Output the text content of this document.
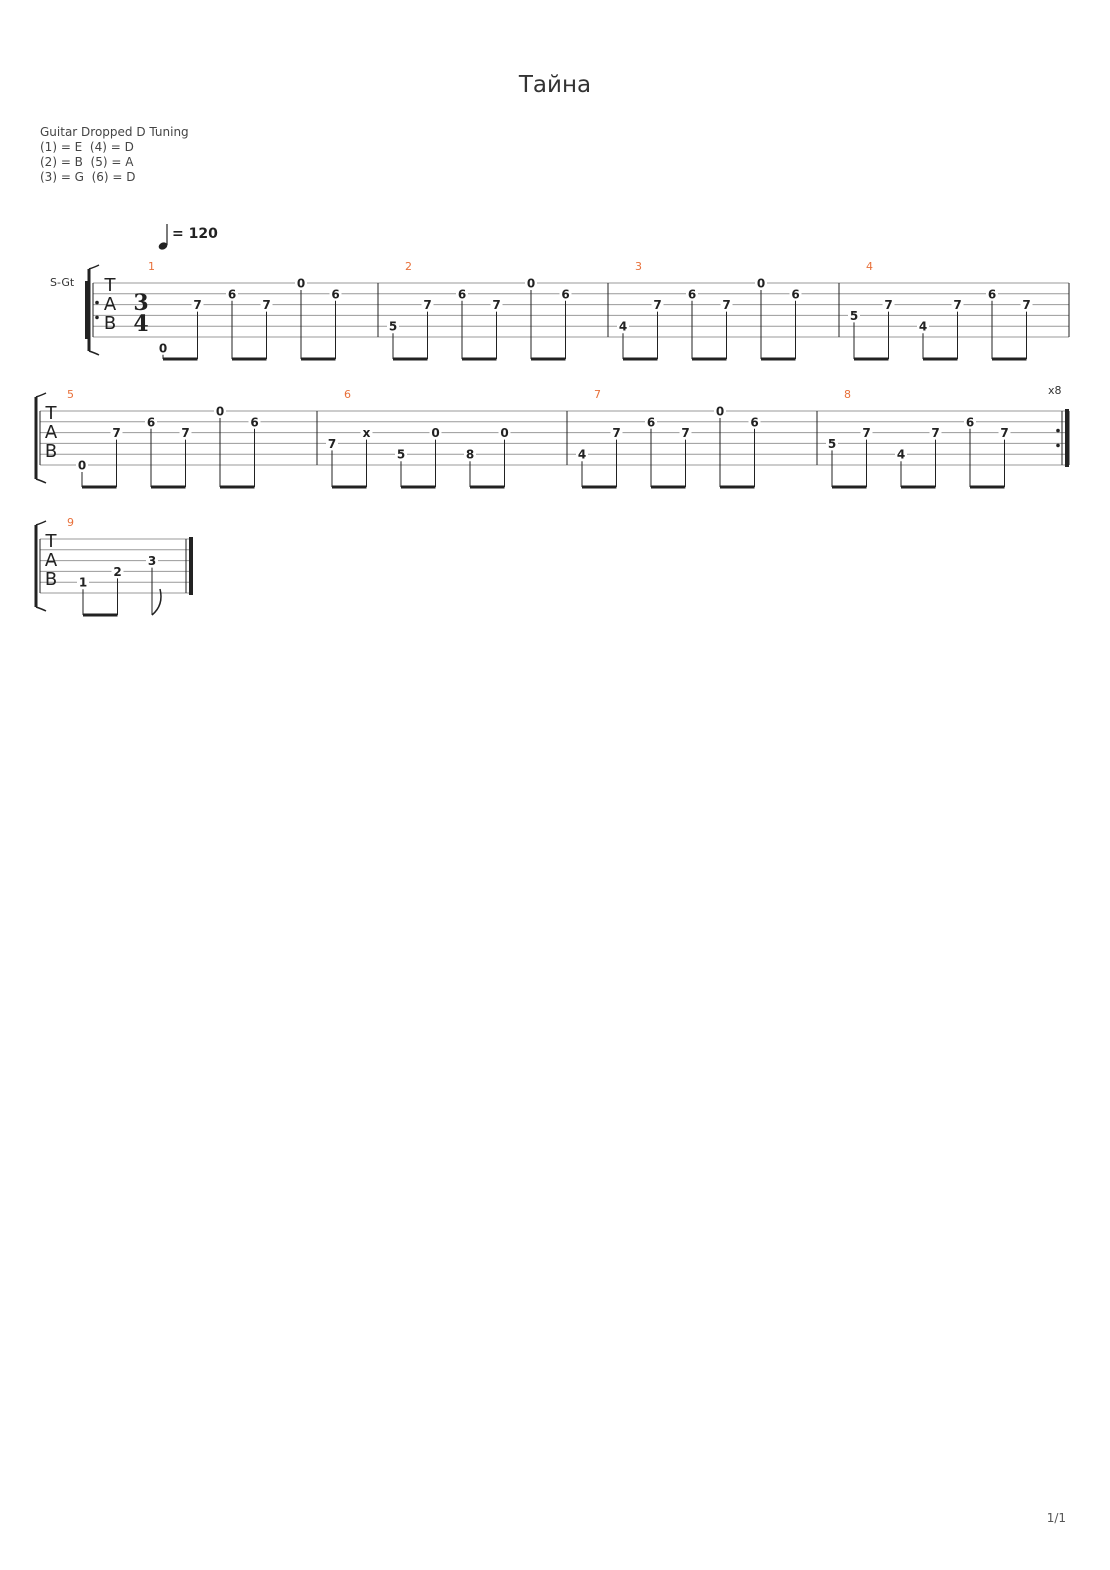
Тайна
Guitar Dropped D Tuning
(1) = E  (4) = D
(2) = B  (5) = A
(3) = G  (6) = D
1/1
T
A
B
3
4
S-Gt
= 120
1
0
7
6
7
0
6
2
5
7
6
7
0
6
3
4
7
6
7
0
6
4
5
7
4
7
6
7
T
A
B
x8
5
0
7
6
7
0
6
6
7
x
5
0
8
0
7
4
7
6
7
0
6
8
5
7
4
7
6
7
T
A
B
9
1
2
3
